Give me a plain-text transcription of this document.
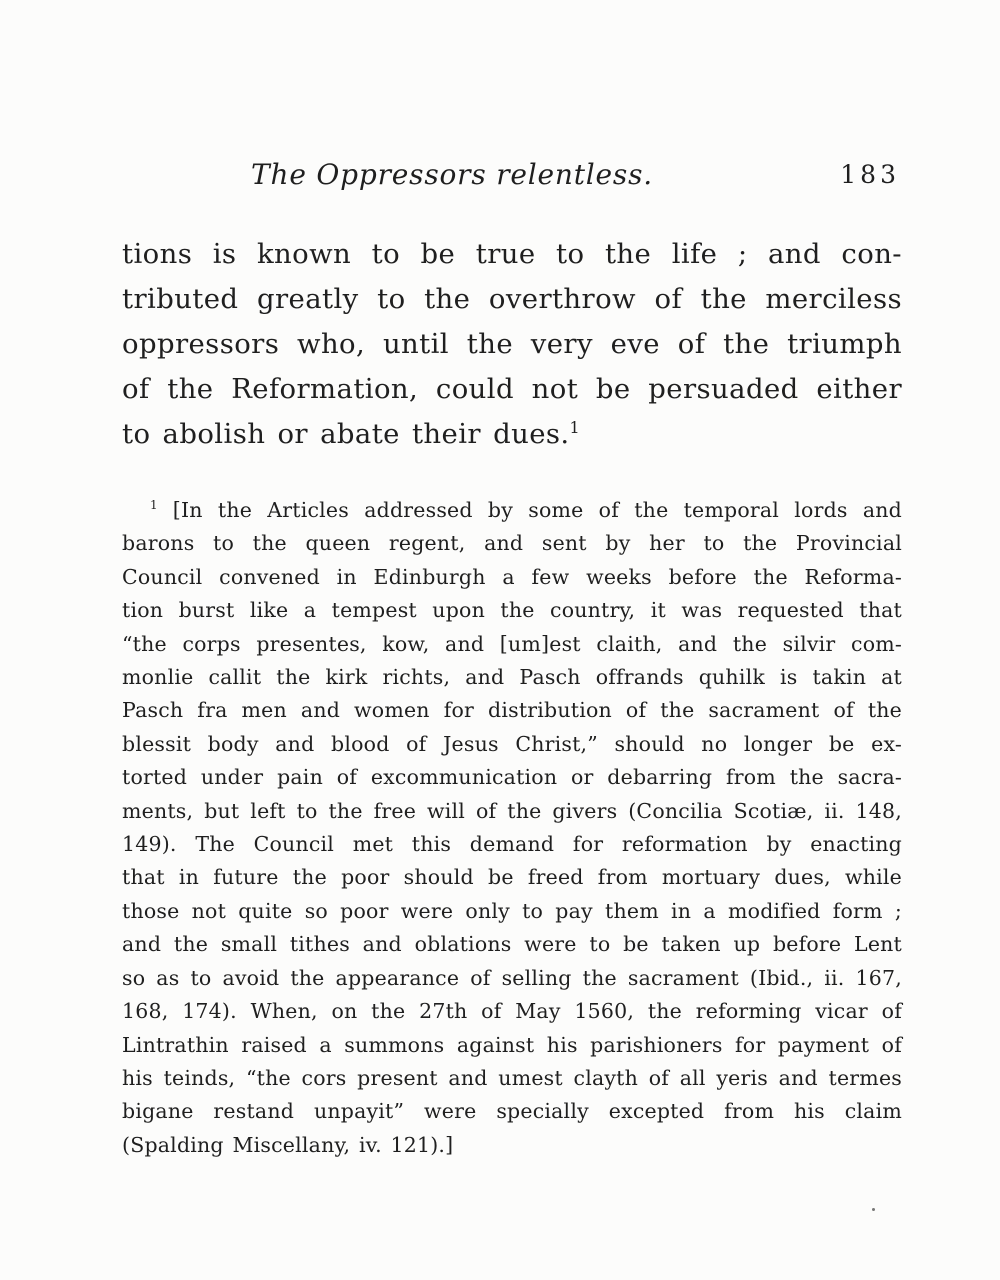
The Oppressors relentless.	183
tions is known to be true to the life ; and con-
tributed greatly to the overthrow of the merciless
oppressors who, until the very eve of the triumph
of the Reformation, could not be persuaded either
to abolish or abate their dues.$^1$
$^1$ [In the Articles addressed by some of the temporal lords and
barons to the queen regent, and sent by her to the Provincial
Council convened in Edinburgh a few weeks before the Reforma-
tion burst like a tempest upon the country, it was requested that
“the corps presentes, kow, and [um]est claith, and the silvir com-
monlie callit the kirk richts, and Pasch offrands quhilk is takin at
Pasch fra men and women for distribution of the sacrament of the
blessit body and blood of Jesus Christ,” should no longer be ex-
torted under pain of excommunication or debarring from the sacra-
ments, but left to the free will of the givers (Concilia Scotiæ, ii. 148,
149). The Council met this demand for reformation by enacting
that in future the poor should be freed from mortuary dues, while
those not quite so poor were only to pay them in a modified form ;
and the small tithes and oblations were to be taken up before Lent
so as to avoid the appearance of selling the sacrament (Ibid., ii. 167,
168, 174). When, on the 27th of May 1560, the reforming vicar of
Lintrathin raised a summons against his parishioners for payment of
his teinds, “the cors present and umest clayth of all yeris and termes
bigane restand unpayit” were specially excepted from his claim
(Spalding Miscellany, iv. 121).]
